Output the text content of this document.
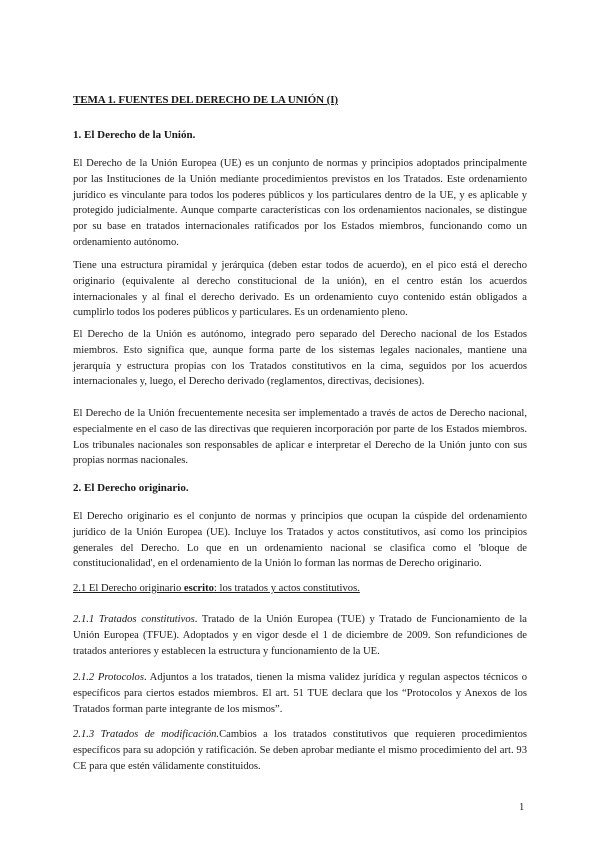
TEMA 1. FUENTES DEL DERECHO DE LA UNIÓN (I)
1. El Derecho de la Unión.

El Derecho de la Unión Europea (UE) es un conjunto de normas y principios adoptados principalmente por las Instituciones de la Unión mediante procedimientos previstos en los Tratados. Este ordenamiento jurídico es vinculante para todos los poderes públicos y los particulares dentro de la UE, y es aplicable y protegido judicialmente. Aunque comparte características con los ordenamientos nacionales, se distingue por su base en tratados internacionales ratificados por los Estados miembros, funcionando como un ordenamiento autónomo.

Tiene una estructura piramidal y jerárquica (deben estar todos de acuerdo), en el pico está el derecho originario (equivalente al derecho constitucional de la unión), en el centro están los acuerdos internacionales y al final el derecho derivado. Es un ordenamiento cuyo contenido están obligados a cumplirlo todos los poderes públicos y particulares. Es un ordenamiento pleno.

El Derecho de la Unión es autónomo, integrado pero separado del Derecho nacional de los Estados miembros. Esto significa que, aunque forma parte de los sistemas legales nacionales, mantiene una jerarquía y estructura propias con los Tratados constitutivos en la cima, seguidos por los acuerdos internacionales y, luego, el Derecho derivado (reglamentos, directivas, decisiones).

El Derecho de la Unión frecuentemente necesita ser implementado a través de actos de Derecho nacional, especialmente en el caso de las directivas que requieren incorporación por parte de los Estados miembros. Los tribunales nacionales son responsables de aplicar e interpretar el Derecho de la Unión junto con sus propias normas nacionales.

2. El Derecho originario.

El Derecho originario es el conjunto de normas y principios que ocupan la cúspide del ordenamiento jurídico de la Unión Europea (UE). Incluye los Tratados y actos constitutivos, así como los principios generales del Derecho. Lo que en un ordenamiento nacional se clasifica como el 'bloque de constitucionalidad', en el ordenamiento de la Unión lo forman las normas de Derecho originario.

2.1 El Derecho originario escrito: los tratados y actos constitutivos.

2.1.1 Tratados constitutivos. Tratado de la Unión Europea (TUE) y Tratado de Funcionamiento de la Unión Europea (TFUE). Adoptados y en vigor desde el 1 de diciembre de 2009. Son refundiciones de tratados anteriores y establecen la estructura y funcionamiento de la UE.

2.1.2 Protocolos. Adjuntos a los tratados, tienen la misma validez jurídica y regulan aspectos técnicos o específicos para ciertos estados miembros. El art. 51 TUE declara que los “Protocolos y Anexos de los Tratados forman parte integrante de los mismos”.

2.1.3 Tratados de modificación.Cambios a los tratados constitutivos que requieren procedimientos específicos para su adopción y ratificación. Se deben aprobar mediante el mismo procedimiento del art. 93 CE para que estén válidamente constituidos.

1
